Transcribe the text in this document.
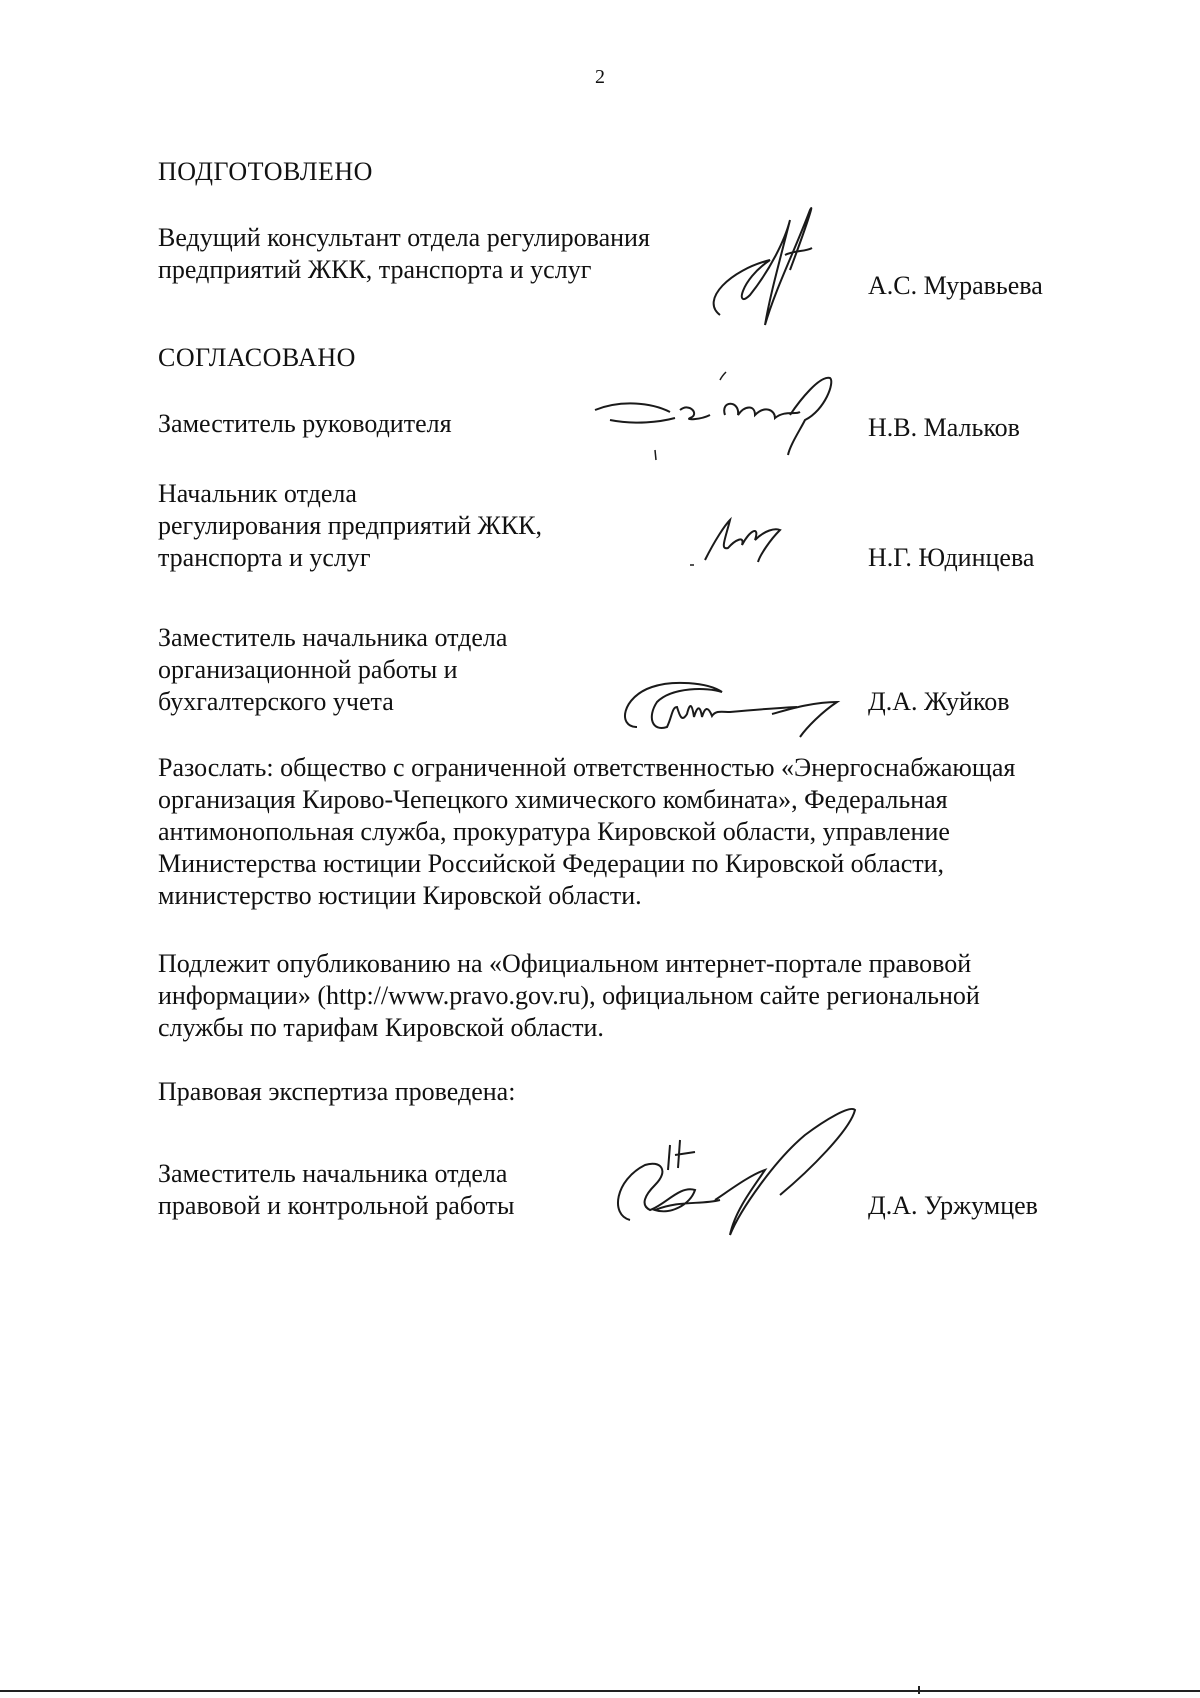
2
ПОДГОТОВЛЕНО
Ведущий консультант отдела регулирования
предприятий ЖКК, транспорта и услуг
А.С. Муравьева
СОГЛАСОВАНО
Заместитель руководителя	Н.В. Мальков
Начальник отдела
регулирования предприятий ЖКК,
транспорта и услуг	Н.Г. Юдинцева
Заместитель начальника отдела
организационной работы и
бухгалтерского учета	Д.А. Жуйков
Разослать: общество с ограниченной ответственностью «Энергоснабжающая
организация Кирово-Чепецкого химического комбината», Федеральная
антимонопольная служба, прокуратура Кировской области, управление
Министерства юстиции Российской Федерации по Кировской области,
министерство юстиции Кировской области.
Подлежит опубликованию на «Официальном интернет-портале правовой
информации» (http://www.pravo.gov.ru), официальном сайте региональной
службы по тарифам Кировской области.
Правовая экспертиза проведена:
Заместитель начальника отдела
правовой и контрольной работы	Д.А. Уржумцев
